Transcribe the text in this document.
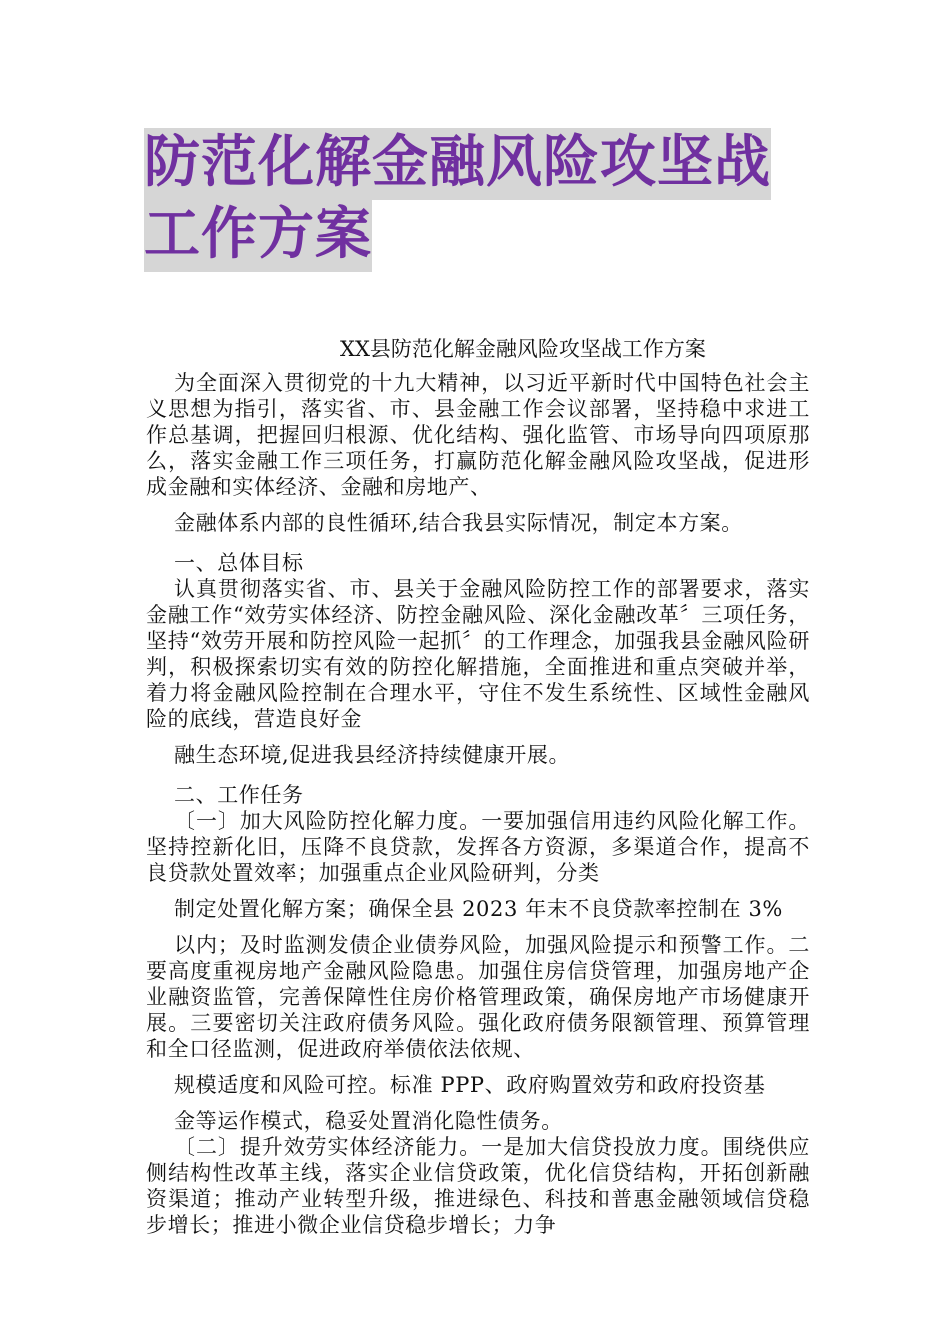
防范化解金融风险攻坚战
工作方案
XX县防范化解金融风险攻坚战工作方案

为全面深入贯彻党的十九大精神，以习近平新时代中国特色社会主义思想为指引，落实省、市、县金融工作会议部署，坚持稳中求进工作总基调，把握回归根源、优化结构、强化监管、市场导向四项原那么，落实金融工作三项任务，打赢防范化解金融风险攻坚战，促进形成金融和实体经济、金融和房地产、
金融体系内部的良性循环,结合我县实际情况，制定本方案。

一、总体目标

认真贯彻落实省、市、县关于金融风险防控工作的部署要求，落实金融工作“效劳实体经济、防控金融风险、深化金融改革〞三项任务，坚持“效劳开展和防控风险一起抓〞的工作理念，加强我县金融风险研判，积极探索切实有效的防控化解措施，全面推进和重点突破并举，着力将金融风险控制在合理水平，守住不发生系统性、区域性金融风险的底线，营造良好金
融生态环境,促进我县经济持续健康开展。

二、工作任务

〔一〕加大风险防控化解力度。一要加强信用违约风险化解工作。坚持控新化旧，压降不良贷款，发挥各方资源，多渠道合作，提高不良贷款处置效率；加强重点企业风险研判，分类
制定处置化解方案；确保全县 2023 年末不良贷款率控制在 3%
以内；及时监测发债企业债券风险，加强风险提示和预警工作。二要高度重视房地产金融风险隐患。加强住房信贷管理，加强房地产企业融资监管，完善保障性住房价格管理政策，确保房地产市场健康开展。三要密切关注政府债务风险。强化政府债务限额管理、预算管理和全口径监测，促进政府举债依法依规、
规模适度和风险可控。标准 PPP、政府购置效劳和政府投资基
金等运作模式，稳妥处置消化隐性债务。

〔二〕提升效劳实体经济能力。一是加大信贷投放力度。围绕供应侧结构性改革主线，落实企业信贷政策，优化信贷结构，开拓创新融资渠道；推动产业转型升级，推进绿色、科技和普惠金融领域信贷稳步增长；推进小微企业信贷稳步增长；力争
